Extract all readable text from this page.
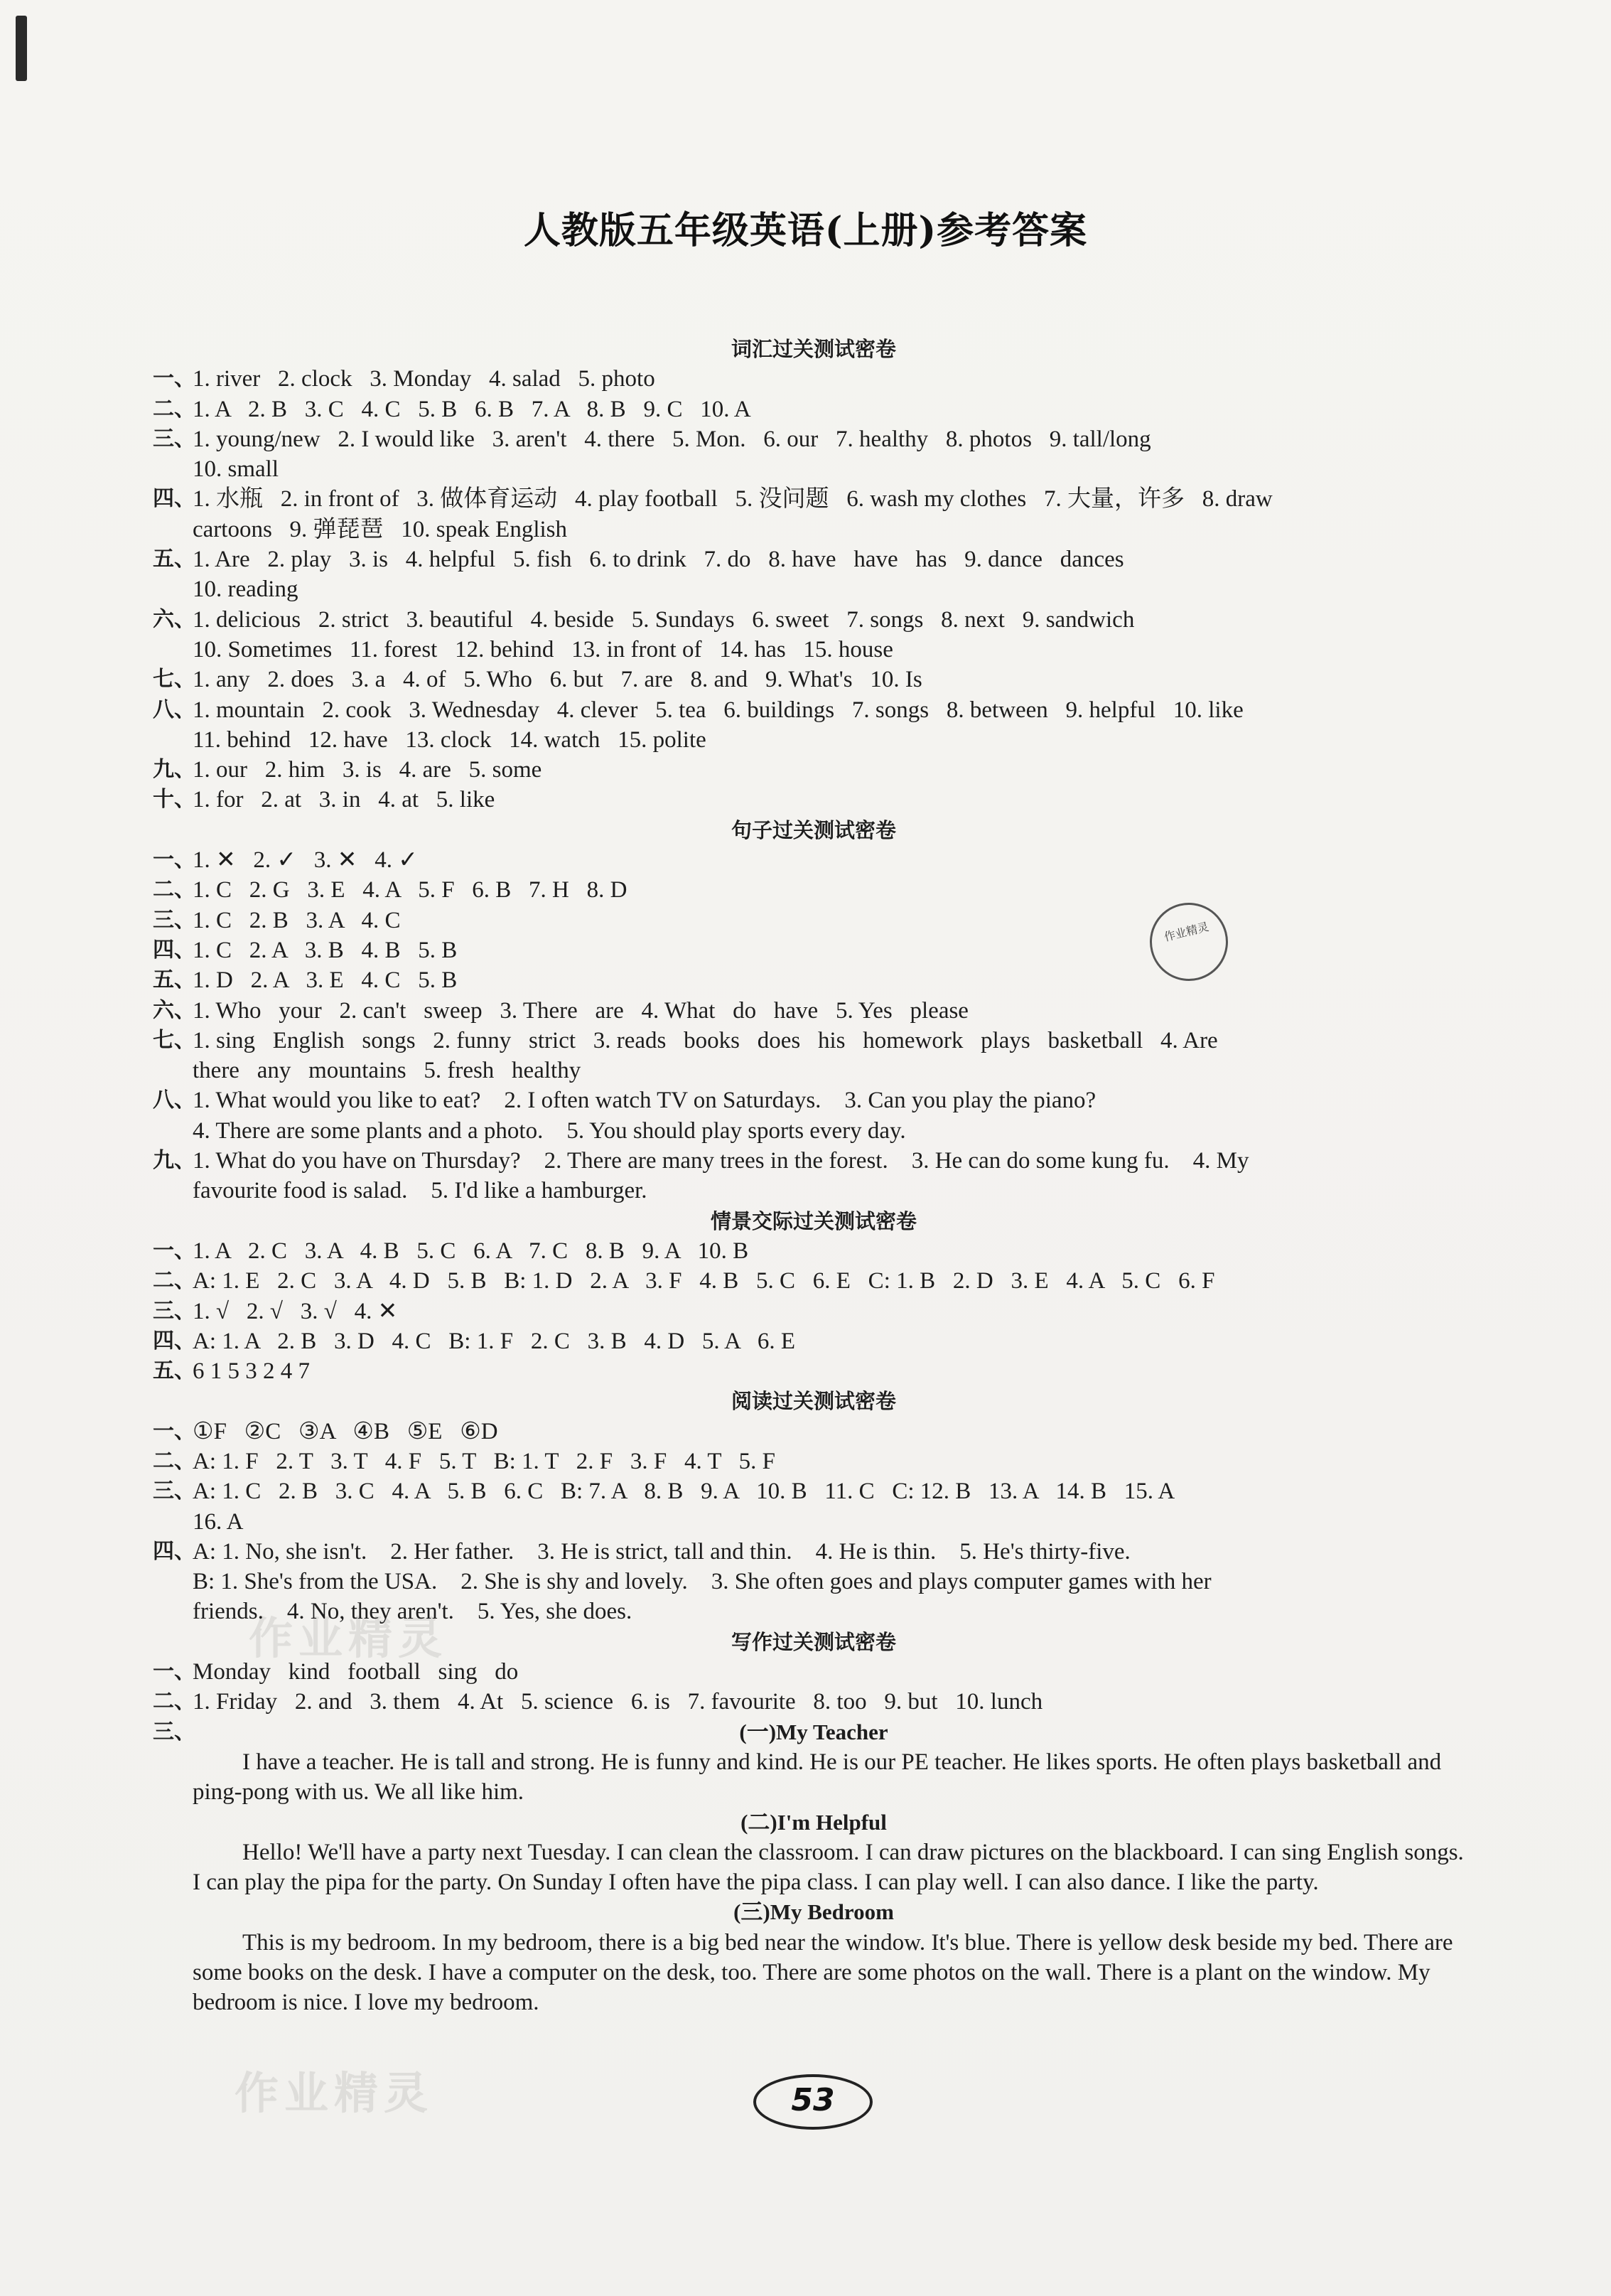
人教版五年级英语(上册)参考答案
作业精灵
作业精灵
作业精灵
词汇过关测试密卷
一、
1. river   2. clock   3. Monday   4. salad   5. photo
二、
1. A   2. B   3. C   4. C   5. B   6. B   7. A   8. B   9. C   10. A
三、
1. young/new   2. I would like   3. aren't   4. there   5. Mon.   6. our   7. healthy   8. photos   9. tall/long
10. small
四、
1. 水瓶   2. in front of   3. 做体育运动   4. play football   5. 没问题   6. wash my clothes   7. 大量，许多   8. draw
cartoons   9. 弹琵琶   10. speak English
五、
1. Are   2. play   3. is   4. helpful   5. fish   6. to drink   7. do   8. have   have   has   9. dance   dances
10. reading
六、
1. delicious   2. strict   3. beautiful   4. beside   5. Sundays   6. sweet   7. songs   8. next   9. sandwich
10. Sometimes   11. forest   12. behind   13. in front of   14. has   15. house
七、
1. any   2. does   3. a   4. of   5. Who   6. but   7. are   8. and   9. What's   10. Is
八、
1. mountain   2. cook   3. Wednesday   4. clever   5. tea   6. buildings   7. songs   8. between   9. helpful   10. like
11. behind   12. have   13. clock   14. watch   15. polite
九、
1. our   2. him   3. is   4. are   5. some
十、
1. for   2. at   3. in   4. at   5. like
句子过关测试密卷
一、
1. ✕   2. ✓   3. ✕   4. ✓
二、
1. C   2. G   3. E   4. A   5. F   6. B   7. H   8. D
三、
1. C   2. B   3. A   4. C
四、
1. C   2. A   3. B   4. B   5. B
五、
1. D   2. A   3. E   4. C   5. B
六、
1. Who   your   2. can't   sweep   3. There   are   4. What   do   have   5. Yes   please
七、
1. sing   English   songs   2. funny   strict   3. reads   books   does   his   homework   plays   basketball   4. Are
there   any   mountains   5. fresh   healthy
八、
1. What would you like to eat?    2. I often watch TV on Saturdays.    3. Can you play the piano?
4. There are some plants and a photo.    5. You should play sports every day.
九、
1. What do you have on Thursday?    2. There are many trees in the forest.    3. He can do some kung fu.    4. My
favourite food is salad.    5. I'd like a hamburger.
情景交际过关测试密卷
一、
1. A   2. C   3. A   4. B   5. C   6. A   7. C   8. B   9. A   10. B
二、
A: 1. E   2. C   3. A   4. D   5. B   B: 1. D   2. A   3. F   4. B   5. C   6. E   C: 1. B   2. D   3. E   4. A   5. C   6. F
三、
1. √   2. √   3. √   4. ✕
四、
A: 1. A   2. B   3. D   4. C   B: 1. F   2. C   3. B   4. D   5. A   6. E
五、
6 1 5 3 2 4 7
阅读过关测试密卷
一、
①F   ②C   ③A   ④B   ⑤E   ⑥D
二、
A: 1. F   2. T   3. T   4. F   5. T   B: 1. T   2. F   3. F   4. T   5. F
三、
A: 1. C   2. B   3. C   4. A   5. B   6. C   B: 7. A   8. B   9. A   10. B   11. C   C: 12. B   13. A   14. B   15. A
16. A
四、
A: 1. No, she isn't.    2. Her father.    3. He is strict, tall and thin.    4. He is thin.    5. He's thirty-five.
B: 1. She's from the USA.    2. She is shy and lovely.    3. She often goes and plays computer games with her
friends.    4. No, they aren't.    5. Yes, she does.
写作过关测试密卷
一、
Monday   kind   football   sing   do
二、
1. Friday   2. and   3. them   4. At   5. science   6. is   7. favourite   8. too   9. but   10. lunch
三、	(一)My Teacher
I have a teacher. He is tall and strong. He is funny and kind. He is our PE teacher. He likes sports. He often plays basketball and ping-pong with us. We all like him.
(二)I'm Helpful
Hello! We'll have a party next Tuesday. I can clean the classroom. I can draw pictures on the blackboard. I can sing English songs. I can play the pipa for the party. On Sunday I often have the pipa class. I can play well. I can also dance. I like the party.
(三)My Bedroom
This is my bedroom. In my bedroom, there is a big bed near the window. It's blue. There is yellow desk beside my bed. There are some books on the desk. I have a computer on the desk, too. There are some photos on the wall. There is a plant on the window. My bedroom is nice. I love my bedroom.
53
